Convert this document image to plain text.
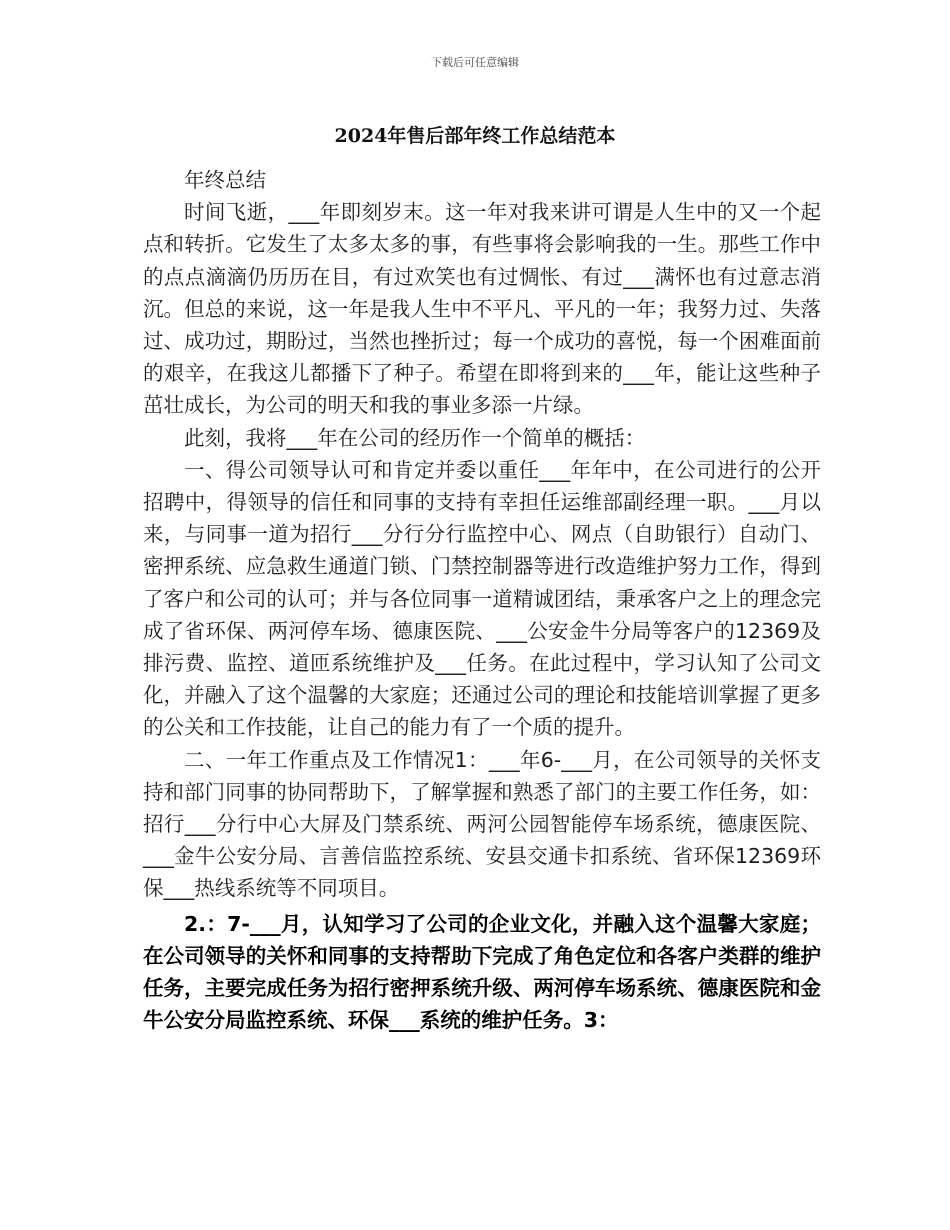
下载后可任意编辑
2024年售后部年终工作总结范本

年终总结

时间飞逝，___年即刻岁末。这一年对我来讲可谓是人生中的又一个起点和转折。它发生了太多太多的事，有些事将会影响我的一生。那些工作中的点点滴滴仍历历在目，有过欢笑也有过惆怅、有过___满怀也有过意志消沉。但总的来说，这一年是我人生中不平凡、平凡的一年；我努力过、失落过、成功过，期盼过，当然也挫折过；每一个成功的喜悦，每一个困难面前的艰辛，在我这儿都播下了种子。希望在即将到来的___年，能让这些种子茁壮成长，为公司的明天和我的事业多添一片绿。

此刻，我将___年在公司的经历作一个简单的概括：

一、得公司领导认可和肯定并委以重任___年年中，在公司进行的公开招聘中，得领导的信任和同事的支持有幸担任运维部副经理一职。___月以来，与同事一道为招行___分行分行监控中心、网点（自助银行）自动门、密押系统、应急救生通道门锁、门禁控制器等进行改造维护努力工作，得到了客户和公司的认可；并与各位同事一道精诚团结，秉承客户之上的理念完成了省环保、两河停车场、德康医院、___公安金牛分局等客户的12369及排污费、监控、道匝系统维护及___任务。在此过程中，学习认知了公司文化，并融入了这个温馨的大家庭；还通过公司的理论和技能培训掌握了更多的公关和工作技能，让自己的能力有了一个质的提升。

二、一年工作重点及工作情况1：___年6-___月，在公司领导的关怀支持和部门同事的协同帮助下，了解掌握和熟悉了部门的主要工作任务，如：招行___分行中心大屏及门禁系统、两河公园智能停车场系统，德康医院、___金牛公安分局、言善信监控系统、安县交通卡扣系统、省环保12369环保___热线系统等不同项目。

2.：7-___月，认知学习了公司的企业文化，并融入这个温馨大家庭；在公司领导的关怀和同事的支持帮助下完成了角色定位和各客户类群的维护任务，主要完成任务为招行密押系统升级、两河停车场系统、德康医院和金牛公安分局监控系统、环保___系统的维护任务。3：
